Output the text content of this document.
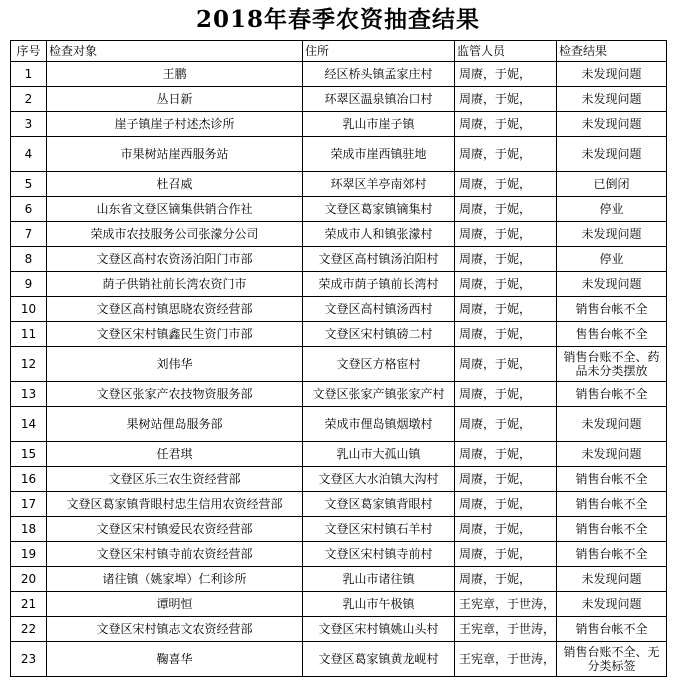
2018年春季农资抽查结果
序号	检查对象	住所	监管人员	检查结果
1	王鹏	经区桥头镇孟家庄村	周赓，于妮，	未发现问题
2	丛日新	环翠区温泉镇冶口村	周赓，于妮，	未发现问题
3	崖子镇崖子村述杰诊所	乳山市崖子镇	周赓，于妮，	未发现问题
4	市果树站崖西服务站	荣成市崖西镇驻地	周赓，于妮，	未发现问题
5	杜召威	环翠区羊亭南郊村	周赓，于妮，	已倒闭
6	山东省文登区镝集供销合作社	文登区葛家镇镝集村	周赓，于妮，	停业
7	荣成市农技服务公司张濛分公司	荣成市人和镇张濛村	周赓，于妮，	未发现问题
8	文登区高村农资汤泊阳门市部	文登区高村镇汤泊阳村	周赓，于妮，	停业
9	荫子供销社前长湾农资门市	荣成市荫子镇前长湾村	周赓，于妮，	未发现问题
10	文登区高村镇思晓农资经营部	文登区高村镇汤西村	周赓，于妮，	销售台帐不全
11	文登区宋村镇鑫民生资门市部	文登区宋村镇磅二村	周赓，于妮，	售售台帐不全
12	刘伟华	文登区方格宦村	周赓，于妮，	销售台账不全、药品未分类摆放
13	文登区张家产农技物资服务部	文登区张家产镇张家产村	周赓，于妮，	销售台帐不全
14	果树站俚岛服务部	荣成市俚岛镇烟墩村	周赓，于妮，	未发现问题
15	任君琪	乳山市大孤山镇	周赓，于妮，	未发现问题
16	文登区乐三农生资经营部	文登区大水泊镇大沟村	周赓，于妮，	销售台帐不全
17	文登区葛家镇背眼村忠生信用农资经营部	文登区葛家镇背眼村	周赓，于妮，	销售台帐不全
18	文登区宋村镇爱民农资经营部	文登区宋村镇石羊村	周赓，于妮，	销售台帐不全
19	文登区宋村镇寺前农资经营部	文登区宋村镇寺前村	周赓，于妮，	销售台帐不全
20	诸往镇（姚家埠）仁利诊所	乳山市诸往镇	周赓，于妮，	未发现问题
21	谭明恒	乳山市午极镇	王宪章，于世涛，	未发现问题
22	文登区宋村镇志文农资经营部	文登区宋村镇姚山头村	王宪章，于世涛，	销售台帐不全
23	鞠喜华	文登区葛家镇黄龙岘村	王宪章，于世涛，	销售台账不全、无分类标签
